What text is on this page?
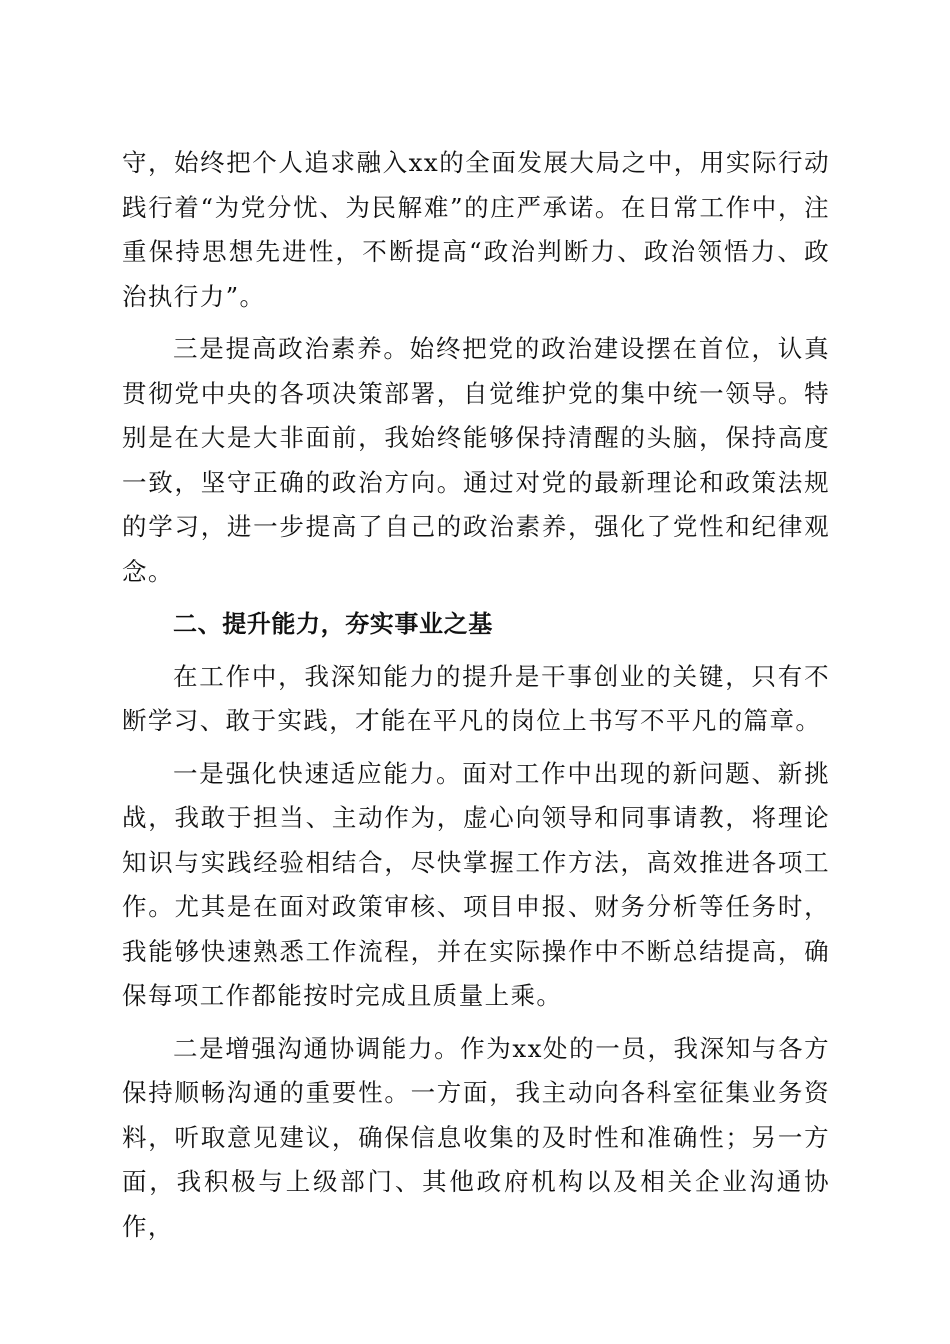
守，始终把个人追求融入xx的全面发展大局之中，用实际行动践行着“为党分忧、为民解难”的庄严承诺。在日常工作中，注重保持思想先进性，不断提高“政治判断力、政治领悟力、政治执行力”。

三是提高政治素养。始终把党的政治建设摆在首位，认真贯彻党中央的各项决策部署，自觉维护党的集中统一领导。特别是在大是大非面前，我始终能够保持清醒的头脑，保持高度一致，坚守正确的政治方向。通过对党的最新理论和政策法规的学习，进一步提高了自己的政治素养，强化了党性和纪律观念。

二、提升能力，夯实事业之基

在工作中，我深知能力的提升是干事创业的关键，只有不断学习、敢于实践，才能在平凡的岗位上书写不平凡的篇章。

一是强化快速适应能力。面对工作中出现的新问题、新挑战，我敢于担当、主动作为，虚心向领导和同事请教，将理论知识与实践经验相结合，尽快掌握工作方法，高效推进各项工作。尤其是在面对政策审核、项目申报、财务分析等任务时，我能够快速熟悉工作流程，并在实际操作中不断总结提高，确保每项工作都能按时完成且质量上乘。

二是增强沟通协调能力。作为xx处的一员，我深知与各方保持顺畅沟通的重要性。一方面，我主动向各科室征集业务资料，听取意见建议，确保信息收集的及时性和准确性；另一方面，我积极与上级部门、其他政府机构以及相关企业沟通协作，
